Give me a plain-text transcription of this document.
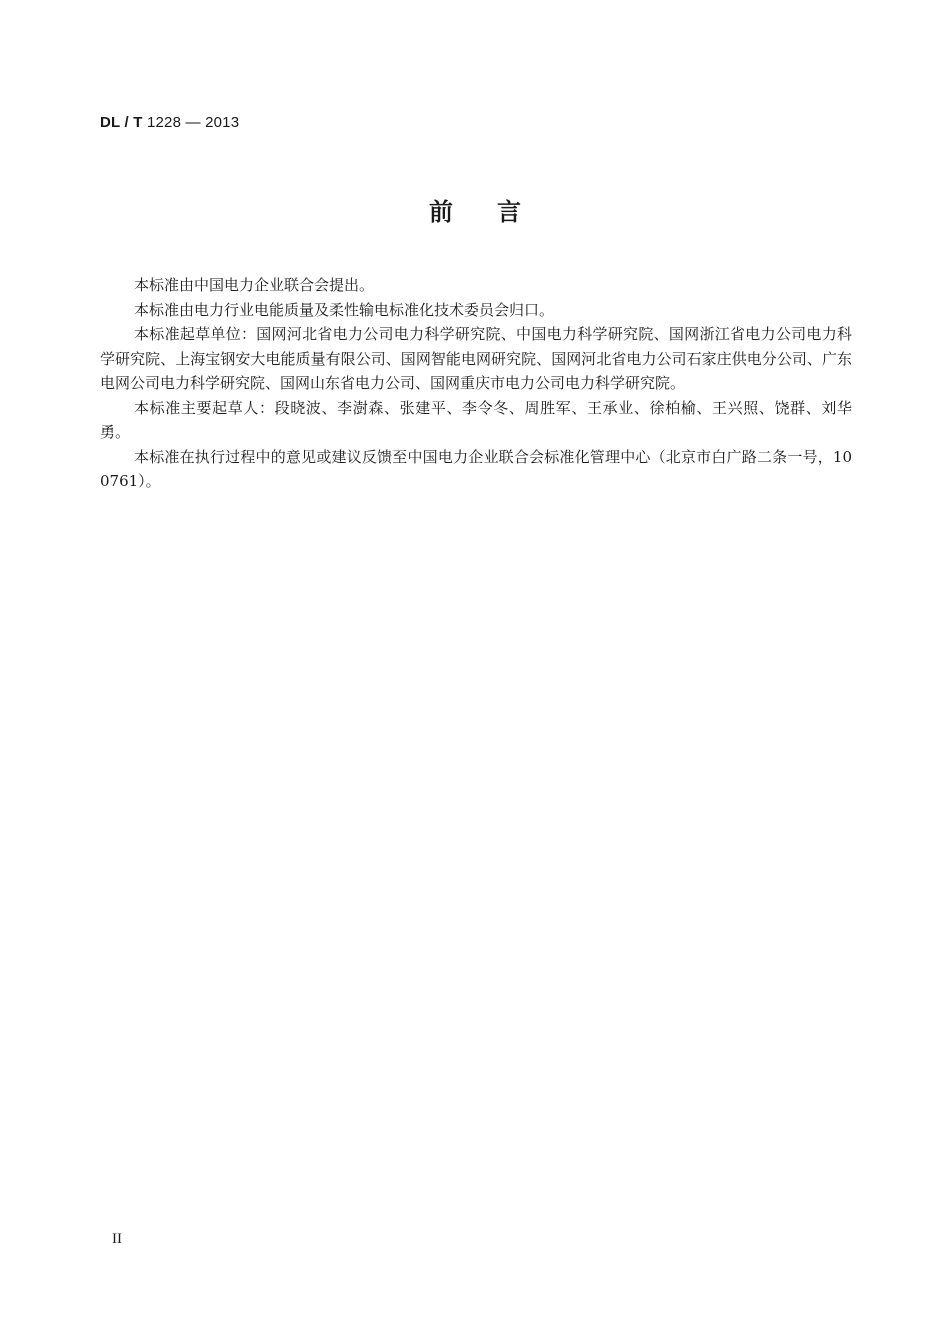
DL / T 1228 — 2013
前 言

本标准由中国电力企业联合会提出。

本标准由电力行业电能质量及柔性输电标准化技术委员会归口。

本标准起草单位：国网河北省电力公司电力科学研究院、中国电力科学研究院、国网浙江省电力公司电力科学研究院、上海宝钢安大电能质量有限公司、国网智能电网研究院、国网河北省电力公司石家庄供电分公司、广东电网公司电力科学研究院、国网山东省电力公司、国网重庆市电力公司电力科学研究院。

本标准主要起草人：段晓波、李澍森、张建平、李令冬、周胜军、王承业、徐柏榆、王兴照、饶群、刘华勇。

本标准在执行过程中的意见或建议反馈至中国电力企业联合会标准化管理中心（北京市白广路二条一号，100761）。

II
